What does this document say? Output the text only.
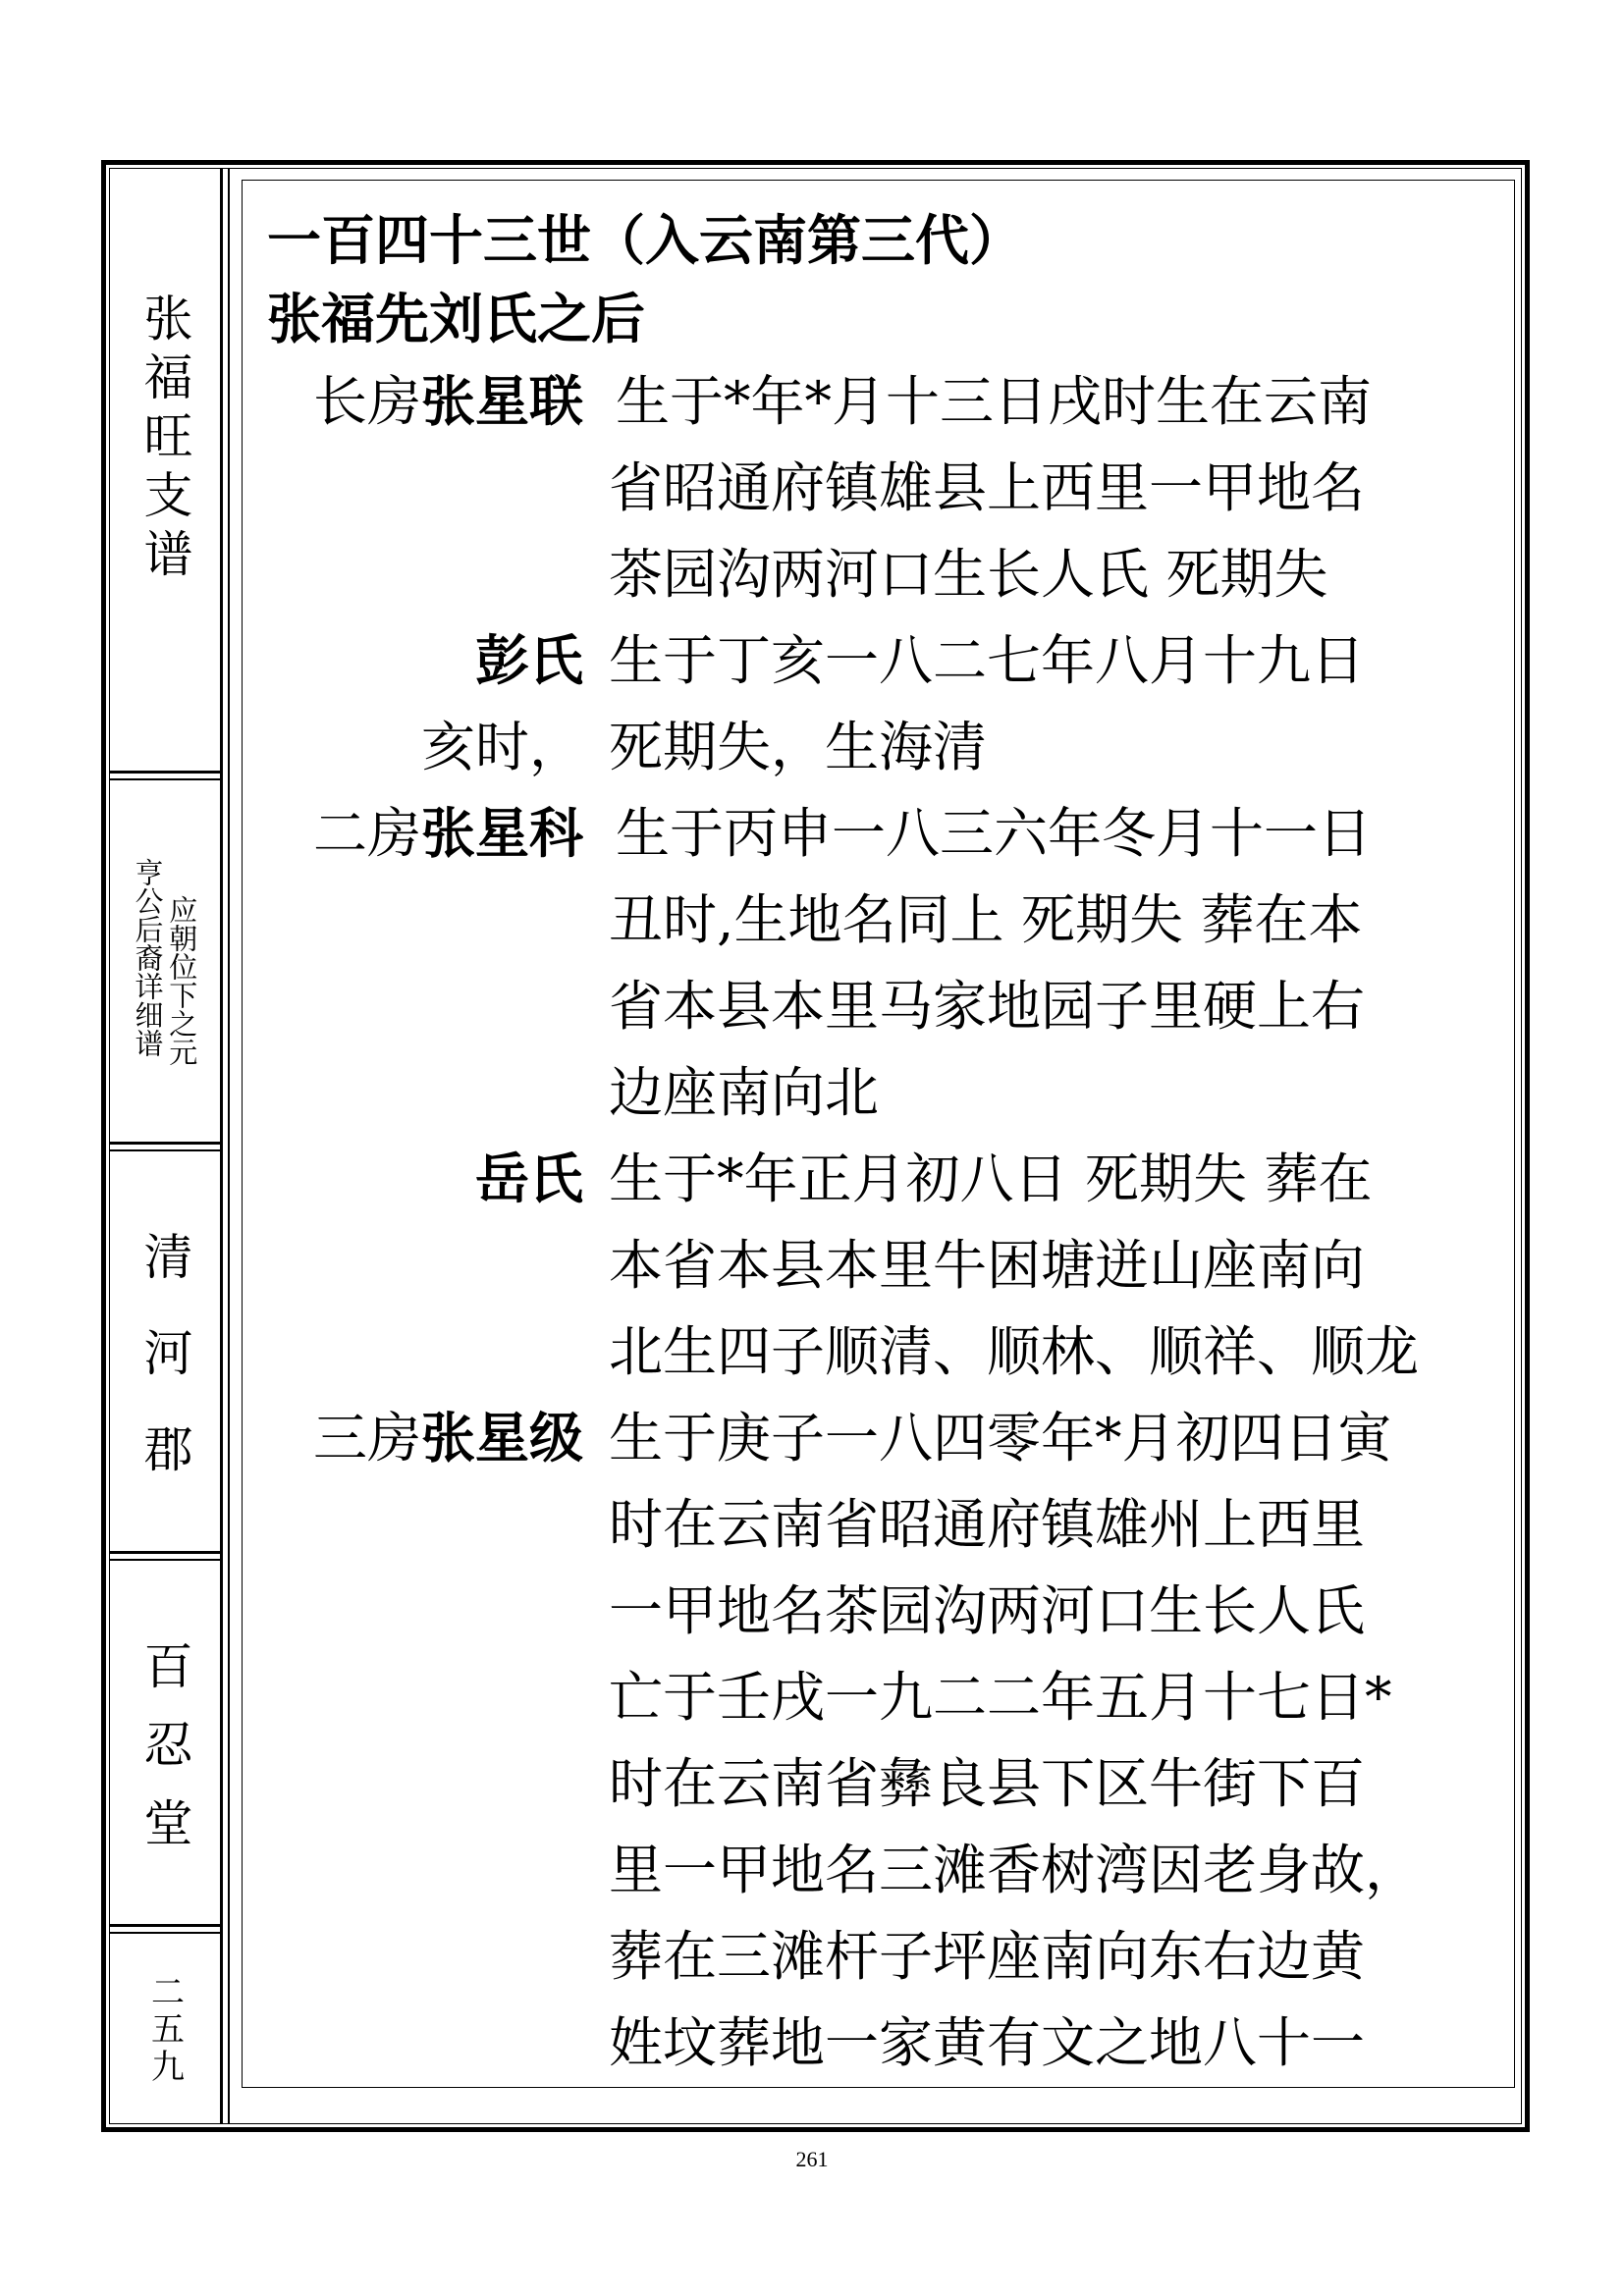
张福旺支谱
应朝位下之元
亨公后裔详细谱
清河郡
百忍堂
二五九
一百四十三世（入云南第三代）
张福先刘氏之后
长房张星联 生于*年*月十三日戌时生在云南
省昭通府镇雄县上西里一甲地名
茶园沟两河口生长人氏 死期失
彭氏 生于丁亥一八二七年八月十九日
亥时， 死期失，生海清
二房张星科 生于丙申一八三六年冬月十一日
丑时,生地名同上 死期失 葬在本
省本县本里马家地园子里硬上右
边座南向北
岳氏 生于*年正月初八日 死期失 葬在
本省本县本里牛困塘迸山座南向
北生四子顺清、顺林、顺祥、顺龙
三房张星级 生于庚子一八四零年*月初四日寅
时在云南省昭通府镇雄州上西里
一甲地名茶园沟两河口生长人氏
亡于壬戌一九二二年五月十七日*
时在云南省彝良县下区牛街下百
里一甲地名三滩香树湾因老身故，
葬在三滩杆子坪座南向东右边黄
姓坟葬地一家黄有文之地八十一
261
